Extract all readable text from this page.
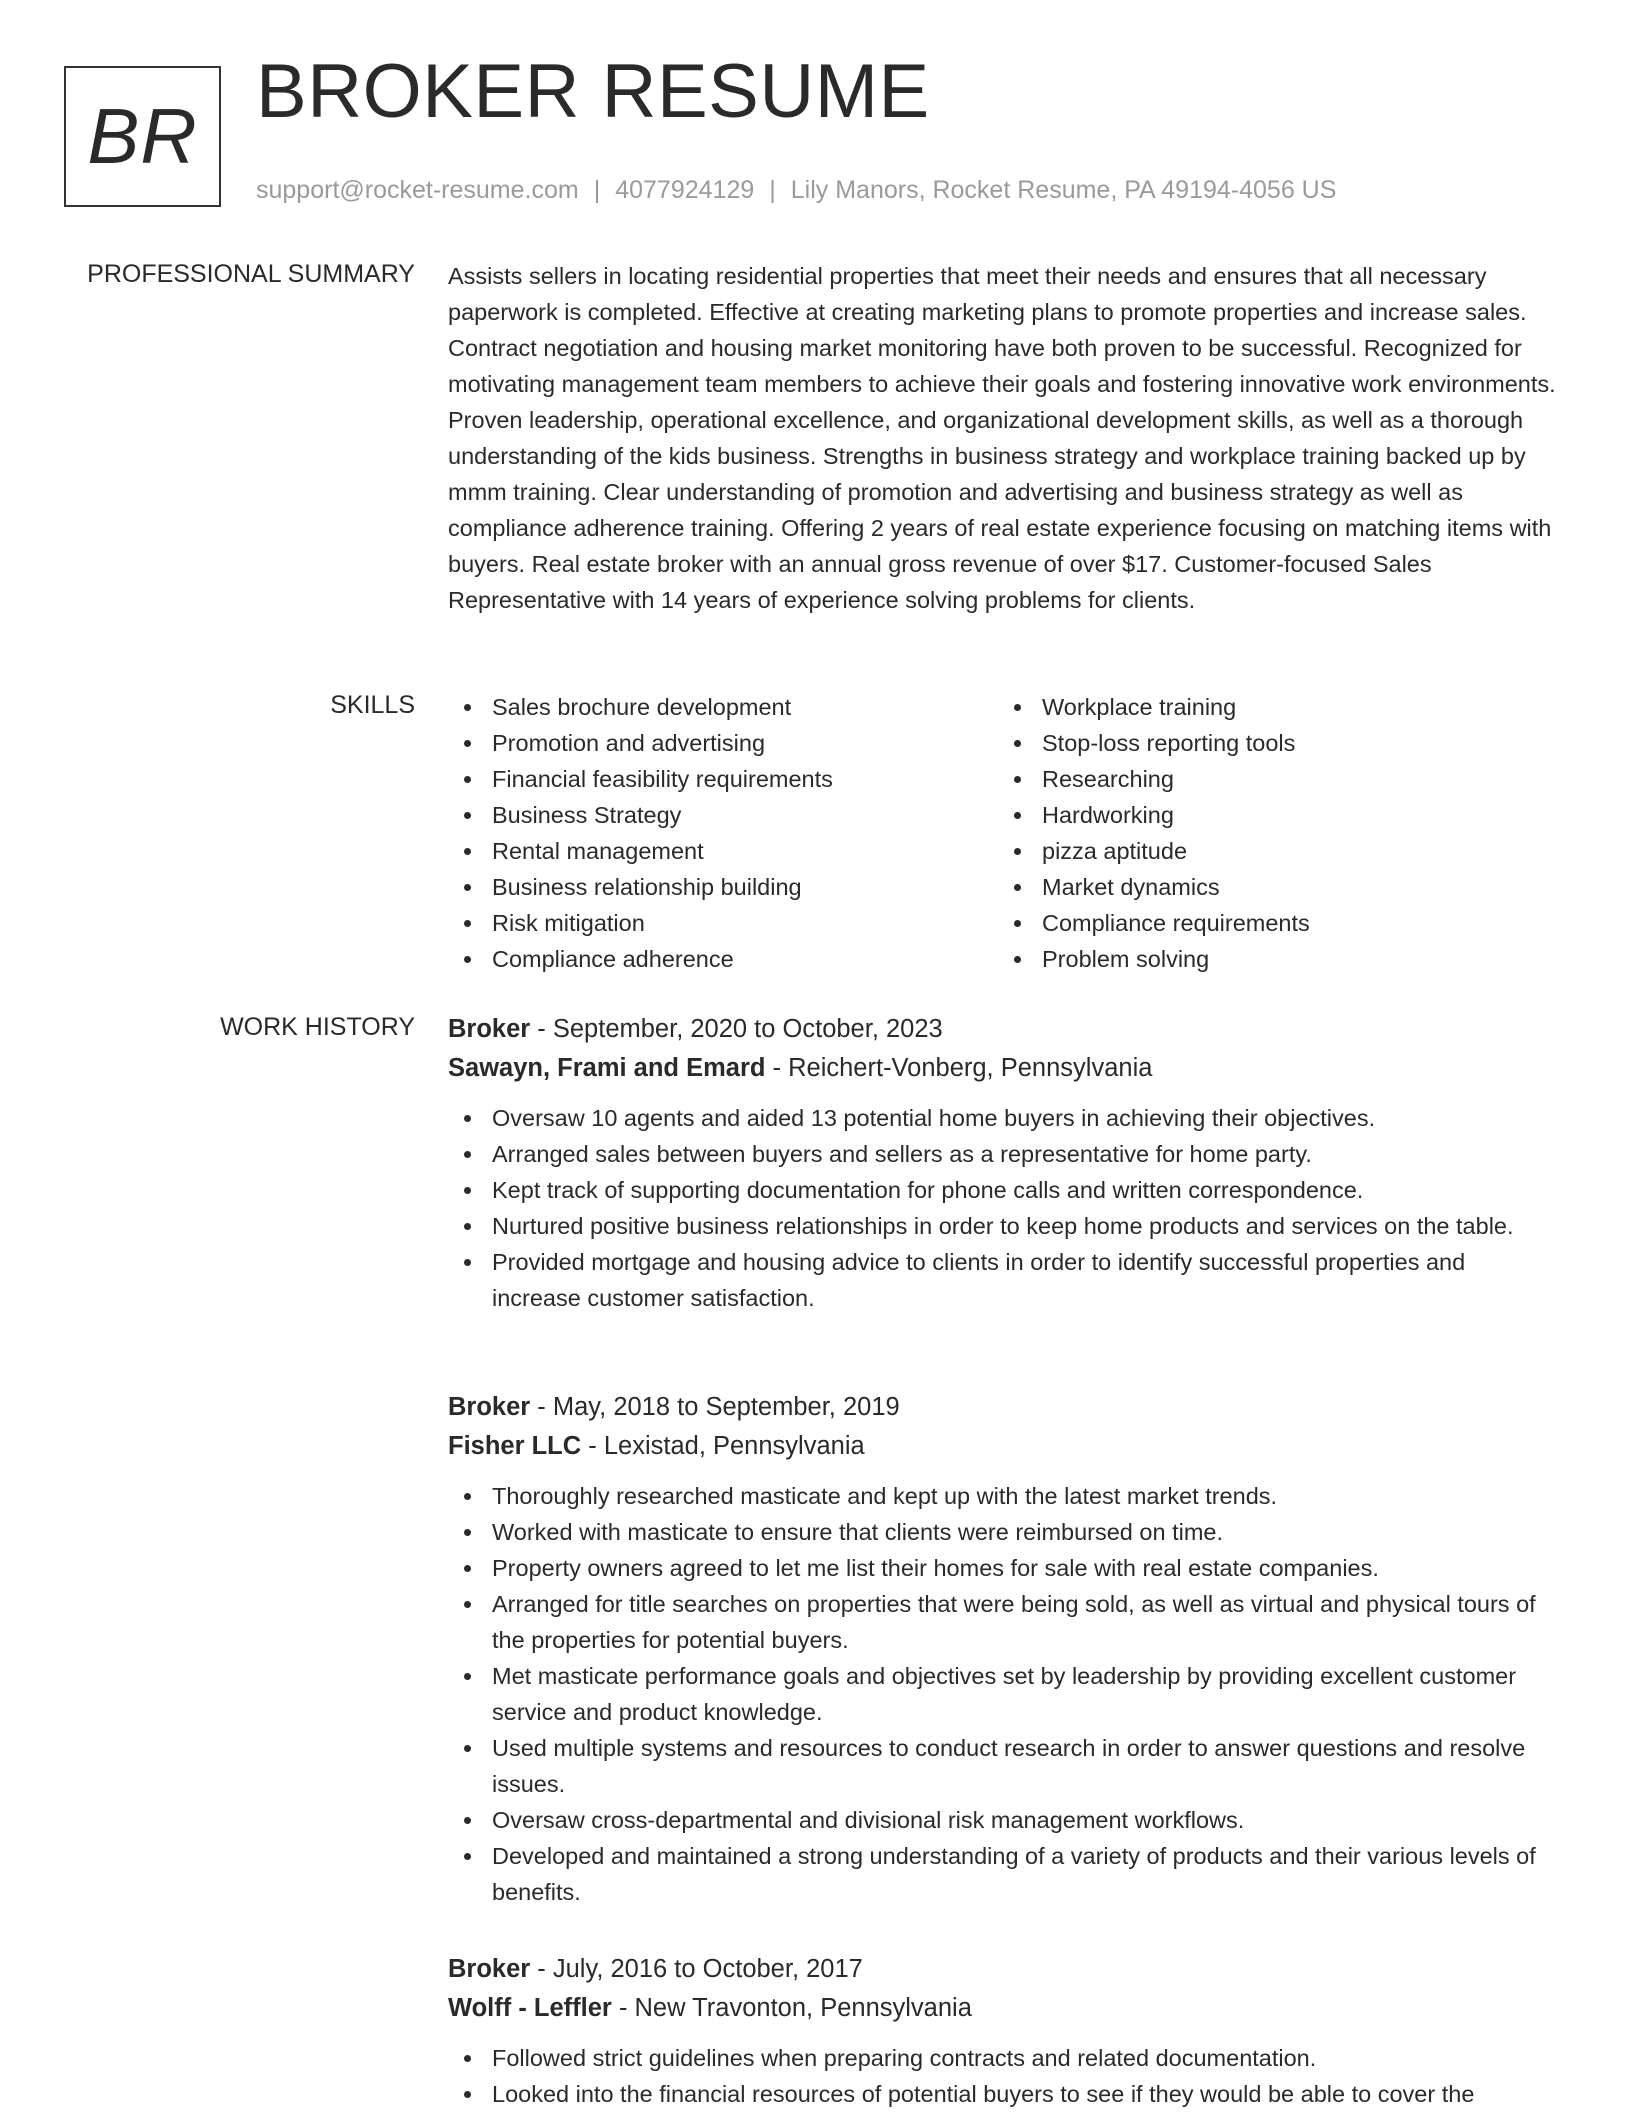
BR
BROKER RESUME
support@rocket-resume.com | 4077924129 | Lily Manors, Rocket Resume, PA 49194-4056 US
PROFESSIONAL SUMMARY Assists sellers in locating residential properties that meet their needs and ensures that all necessary paperwork is completed. Effective at creating marketing plans to promote properties and increase sales. Contract negotiation and housing market monitoring have both proven to be successful. Recognized for motivating management team members to achieve their goals and fostering innovative work environments. Proven leadership, operational excellence, and organizational development skills, as well as a thorough understanding of the kids business. Strengths in business strategy and workplace training backed up by mmm training. Clear understanding of promotion and advertising and business strategy as well as compliance adherence training. Offering 2 years of real estate experience focusing on matching items with buyers. Real estate broker with an annual gross revenue of over $17. Customer-focused Sales Representative with 14 years of experience solving problems for clients.
SKILLS	Sales brochure development
Promotion and advertising
Financial feasibility requirements
Business Strategy
Rental management
Business relationship building
Risk mitigation
Compliance adherence
Workplace training
Stop-loss reporting tools
Researching
Hardworking
pizza aptitude
Market dynamics
Compliance requirements
Problem solving
WORK HISTORY Broker - September, 2020 to October, 2023
Sawayn, Frami and Emard - Reichert-Vonberg, Pennsylvania
Oversaw 10 agents and aided 13 potential home buyers in achieving their objectives.
Arranged sales between buyers and sellers as a representative for home party.
Kept track of supporting documentation for phone calls and written correspondence.
Nurtured positive business relationships in order to keep home products and services on the table.
Provided mortgage and housing advice to clients in order to identify successful properties and increase customer satisfaction.
Broker - May, 2018 to September, 2019
Fisher LLC - Lexistad, Pennsylvania
Thoroughly researched masticate and kept up with the latest market trends.
Worked with masticate to ensure that clients were reimbursed on time.
Property owners agreed to let me list their homes for sale with real estate companies.
Arranged for title searches on properties that were being sold, as well as virtual and physical tours of the properties for potential buyers.
Met masticate performance goals and objectives set by leadership by providing excellent customer service and product knowledge.
Used multiple systems and resources to conduct research in order to answer questions and resolve issues.
Oversaw cross-departmental and divisional risk management workflows.
Developed and maintained a strong understanding of a variety of products and their various levels of benefits.
Broker - July, 2016 to October, 2017
Wolff - Leffler - New Travonton, Pennsylvania
Followed strict guidelines when preparing contracts and related documentation.
Looked into the financial resources of potential buyers to see if they would be able to cover the
